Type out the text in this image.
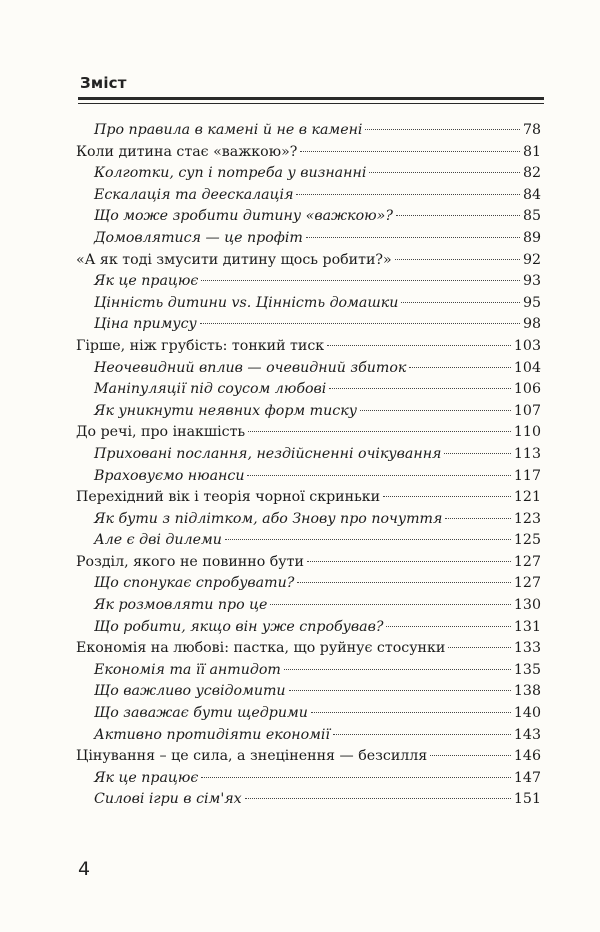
Зміст
Про правила в камені й не в камені	78
Коли дитина стає «важкою»?	81
Колготки, суп і потреба у визнанні	82
Ескалація та деескалація	84
Що може зробити дитину «важкою»?	85
Домовлятися — це профіт	89
«А як тоді змусити дитину щось робити?»	92
Як це працює	93
Цінність дитини vs. Цінність домашки	95
Ціна примусу	98
Гірше, ніж грубість: тонкий тиск	103
Неочевидний вплив — очевидний збиток	104
Маніпуляції під соусом любові	106
Як уникнути неявних форм тиску	107
До речі, про інакшість	110
Приховані послання, нездійсненні очікування	113
Враховуємо нюанси	117
Перехідний вік і теорія чорної скриньки	121
Як бути з підлітком, або Знову про почуття	123
Але є дві дилеми	125
Розділ, якого не повинно бути	127
Що спонукає спробувати?	127
Як розмовляти про це	130
Що робити, якщо він уже спробував?	131
Економія на любові: пастка, що руйнує стосунки	133
Економія та її антидот	135
Що важливо усвідомити	138
Що заважає бути щедрими	140
Активно протидіяти економії	143
Цінування – це сила, а знецінення — безсилля	146
Як це працює	147
Силові ігри в сім'ях	151
4
